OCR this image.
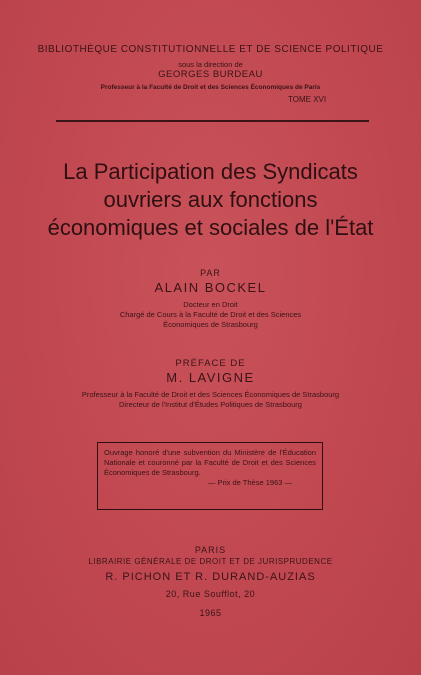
BIBLIOTHÈQUE CONSTITUTIONNELLE ET DE SCIENCE POLITIQUE
sous la direction de
GEORGES BURDEAU
Professeur à la Faculté de Droit et des Sciences Économiques de Paris
TOME XVI
La Participation des Syndicats
ouvriers aux fonctions
économiques et sociales de l'État
PAR
ALAIN BOCKEL
Docteur en Droit
Chargé de Cours à la Faculté de Droit et des Sciences
Économiques de Strasbourg
PRÉFACE DE
M. LAVIGNE
Professeur à la Faculté de Droit et des Sciences Économiques de Strasbourg
Directeur de l'Institut d'Études Politiques de Strasbourg
Ouvrage honoré d'une subvention du Ministère de l'Éducation Nationale et couronné par la Faculté de Droit et des Sciences Économiques de Strasbourg.
— Prix de Thèse 1963 —
PARIS
LIBRAIRIE GÉNÉRALE DE DROIT ET DE JURISPRUDENCE
R. PICHON ET R. DURAND-AUZIAS
20, Rue Soufflot, 20
1965
